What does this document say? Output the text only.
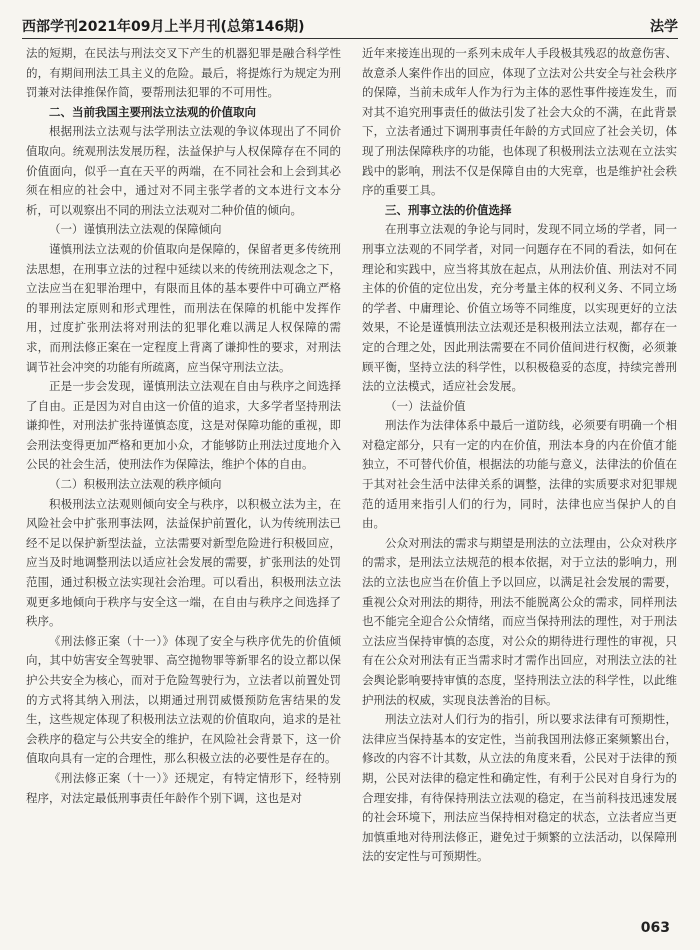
西部学刊2021年09月上半月刊(总第146期)	法学

法的短期，在民法与刑法交叉下产生的机器犯罪是融合科学性的，有期间刑法工具主义的危险。最后，将提炼行为规定为刑罚兼对法律推保作简，要帮刑法犯罪的不可用性。

二、当前我国主要刑法立法观的价值取向

根据刑法立法观与法学刑法立法观的争议体现出了不同价值取向。统观刑法发展历程，法益保护与人权保障存在不同的价值面向，似乎一直在天平的两端，在不同社会和上会到其必须在相应的社会中，通过对不同主张学者的文本进行文本分析，可以观察出不同的刑法立法观对二种价值的倾向。

（一）谨慎刑法立法观的保障倾向

谨慎刑法立法观的价值取向是保障的，保留者更多传统刑法思想，在刑事立法的过程中延续以来的传统刑法观念之下，立法应当在犯罪治理中，有限而且体的基本要件中可确立严格的罪刑法定原则和形式理性，而刑法在保障的机能中发挥作用，过度扩张刑法将对刑法的犯罪化难以满足人权保障的需求，而刑法修正案在一定程度上背离了谦抑性的要求，对刑法调节社会冲突的功能有所疏离，应当保守刑法立法。

正是一步会发现，谨慎刑法立法观在自由与秩序之间选择了自由。正是因为对自由这一价值的追求，大多学者坚持刑法谦抑性，对刑法扩张持谨慎态度，这是对保障功能的重视，即会刑法变得更加严格和更加小众，才能够防止刑法过度地介入公民的社会生活，使刑法作为保障法，维护个体的自由。

（二）积极刑法立法观的秩序倾向

积极刑法立法观则倾向安全与秩序，以积极立法为主，在风险社会中扩张刑事法网，法益保护前置化，认为传统刑法已经不足以保护新型法益，立法需要对新型危险进行积极回应，应当及时地调整刑法以适应社会发展的需要，扩张刑法的处罚范围，通过积极立法实现社会治理。可以看出，积极刑法立法观更多地倾向于秩序与安全这一端，在自由与秩序之间选择了秩序。

《刑法修正案（十一）》体现了安全与秩序优先的价值倾向，其中妨害安全驾驶罪、高空抛物罪等新罪名的设立都以保护公共安全为核心，而对于危险驾驶行为，立法者以前置处罚的方式将其纳入刑法，以期通过刑罚威慑预防危害结果的发生，这些规定体现了积极刑法立法观的价值取向，追求的是社会秩序的稳定与公共安全的维护，在风险社会背景下，这一价值取向具有一定的合理性，那么积极立法的必要性是存在的。

《刑法修正案（十一）》还规定，有特定情形下，经特别程序，对法定最低刑事责任年龄作个别下调，这也是对

近年来接连出现的一系列未成年人手段极其残忍的故意伤害、故意杀人案件作出的回应，体现了立法对公共安全与社会秩序的保障，当前未成年人作为行为主体的恶性事件接连发生，而对其不追究刑事责任的做法引发了社会大众的不满，在此背景下，立法者通过下调刑事责任年龄的方式回应了社会关切，体现了刑法保障秩序的功能，也体现了积极刑法立法观在立法实践中的影响，刑法不仅是保障自由的大宪章，也是维护社会秩序的重要工具。

三、刑事立法的价值选择

在刑事立法观的争论与同时，发现不同立场的学者，同一刑事立法观的不同学者，对同一问题存在不同的看法，如何在理论和实践中，应当将其放在起点，从刑法价值、刑法对不同主体的价值的定位出发，充分考量主体的权利义务、不同立场的学者、中庸理论、价值立场等不同维度，以实现更好的立法效果，不论是谨慎刑法立法观还是积极刑法立法观，都存在一定的合理之处，因此刑法需要在不同价值间进行权衡，必须兼顾平衡，坚持立法的科学性，以积极稳妥的态度，持续完善刑法的立法模式，适应社会发展。

（一）法益价值

刑法作为法律体系中最后一道防线，必须要有明确一个相对稳定部分，只有一定的内在价值，刑法本身的内在价值才能独立，不可替代价值，根据法的功能与意义，法律法的价值在于其对社会生活中法律关系的调整，法律的实质要求对犯罪规范的适用来指引人们的行为，同时，法律也应当保护人的自由。

公众对刑法的需求与期望是刑法的立法理由，公众对秩序的需求，是刑法立法规范的根本依据，对于立法的影响力，刑法的立法也应当在价值上予以回应，以满足社会发展的需要，重视公众对刑法的期待，刑法不能脱离公众的需求，同样刑法也不能完全迎合公众情绪，而应当保持刑法的理性，对于刑法立法应当保持审慎的态度，对公众的期待进行理性的审视，只有在公众对刑法有正当需求时才需作出回应，对刑法立法的社会舆论影响要持审慎的态度，坚持刑法立法的科学性，以此维护刑法的权威，实现良法善治的目标。

刑法立法对人们行为的指引，所以要求法律有可预期性，法律应当保持基本的安定性，当前我国刑法修正案频繁出台，修改的内容不计其数，从立法的角度来看，公民对于法律的预期，公民对法律的稳定性和确定性，有利于公民对自身行为的合理安排，有待保持刑法立法观的稳定，在当前科技迅速发展的社会环境下，刑法应当保持相对稳定的状态，立法者应当更加慎重地对待刑法修正，避免过于频繁的立法活动，以保障刑法的安定性与可预期性。

063
